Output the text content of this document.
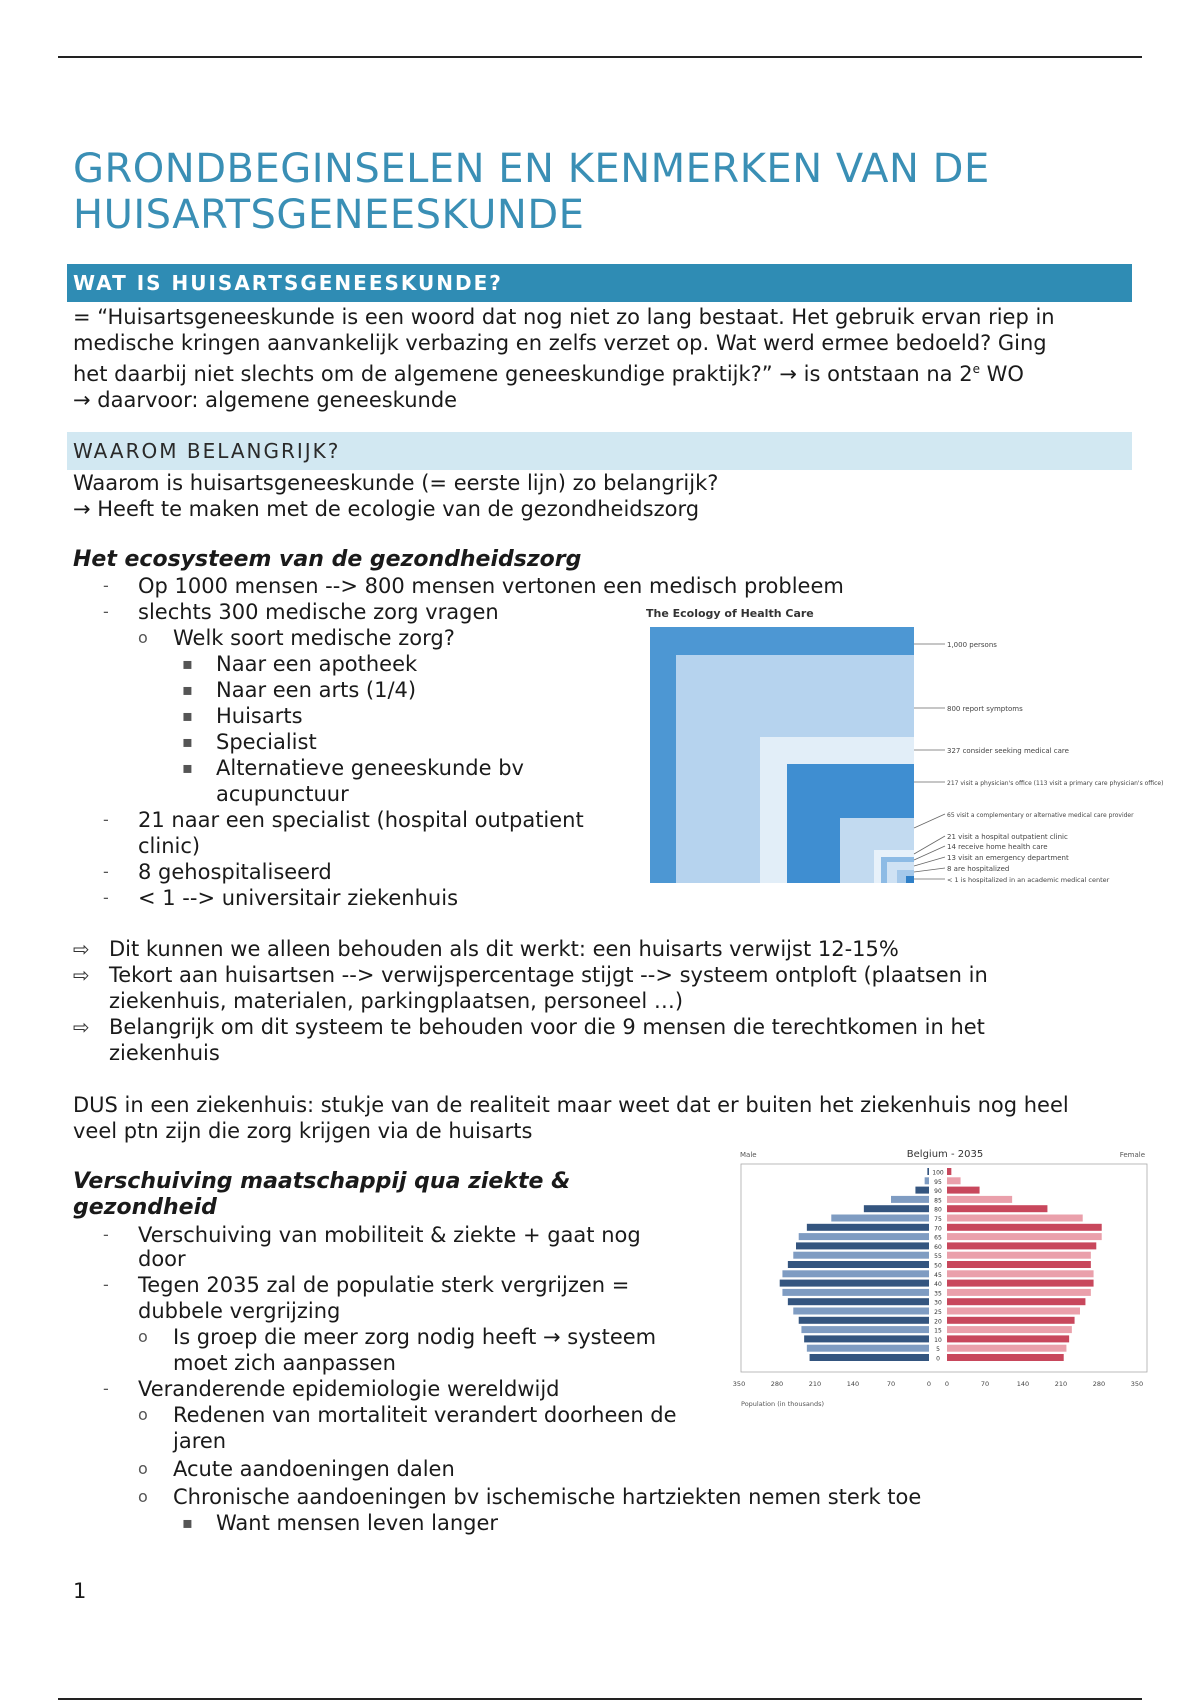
GRONDBEGINSELEN EN KENMERKEN VAN DE
HUISARTSGENEESKUNDE
WAT IS HUISARTSGENEESKUNDE?
= “Huisartsgeneeskunde is een woord dat nog niet zo lang bestaat. Het gebruik ervan riep in
medische kringen aanvankelijk verbazing en zelfs verzet op. Wat werd ermee bedoeld? Ging
het daarbij niet slechts om de algemene geneeskundige praktijk?” → is ontstaan na 2e WO
→ daarvoor: algemene geneeskunde
WAAROM BELANGRIJK?
Waarom is huisartsgeneeskunde (= eerste lijn) zo belangrijk?
→ Heeft te maken met de ecologie van de gezondheidszorg
Het ecosysteem van de gezondheidszorg
- Op 1000 mensen --> 800 mensen vertonen een medisch probleem
- slechts 300 medische zorg vragen
o Welk soort medische zorg?
▪ Naar een apotheek
▪ Naar een arts (1/4)
▪ Huisarts
▪ Specialist
▪ Alternatieve geneeskunde bv
acupunctuur
- 21 naar een specialist (hospital outpatient
clinic)
- 8 gehospitaliseerd
- < 1 --> universitair ziekenhuis
The Ecology of Health Care
1,000 persons
800 report symptoms
327 consider seeking medical care
217 visit a physician's office (113 visit a primary care physician's office)
65 visit a complementary or alternative medical care provider
21 visit a hospital outpatient clinic
14 receive home health care
13 visit an emergency department
8 are hospitalized
< 1 is hospitalized in an academic medical center
⇨ Dit kunnen we alleen behouden als dit werkt: een huisarts verwijst 12-15%
⇨ Tekort aan huisartsen --> verwijspercentage stijgt --> systeem ontploft (plaatsen in
ziekenhuis, materialen, parkingplaatsen, personeel …)
⇨ Belangrijk om dit systeem te behouden voor die 9 mensen die terechtkomen in het
ziekenhuis
DUS in een ziekenhuis: stukje van de realiteit maar weet dat er buiten het ziekenhuis nog heel
veel ptn zijn die zorg krijgen via de huisarts
Verschuiving maatschappij qua ziekte &
gezondheid
- Verschuiving van mobiliteit & ziekte + gaat nog
door
- Tegen 2035 zal de populatie sterk vergrijzen =
dubbele vergrijzing
o Is groep die meer zorg nodig heeft → systeem
moet zich aanpassen
- Veranderende epidemiologie wereldwijd
o Redenen van mortaliteit verandert doorheen de
jaren
o Acute aandoeningen dalen
o Chronische aandoeningen bv ischemische hartziekten nemen sterk toe
▪ Want mensen leven langer
Belgium - 2035
Male	Female
Population (in thousands)
100
95
90
85
80
75
70
65
60
55
50
45
40
35
30
25
20
15
10
5
0
350	280	210	140	70	0 0	70	140	210	280	350
1
